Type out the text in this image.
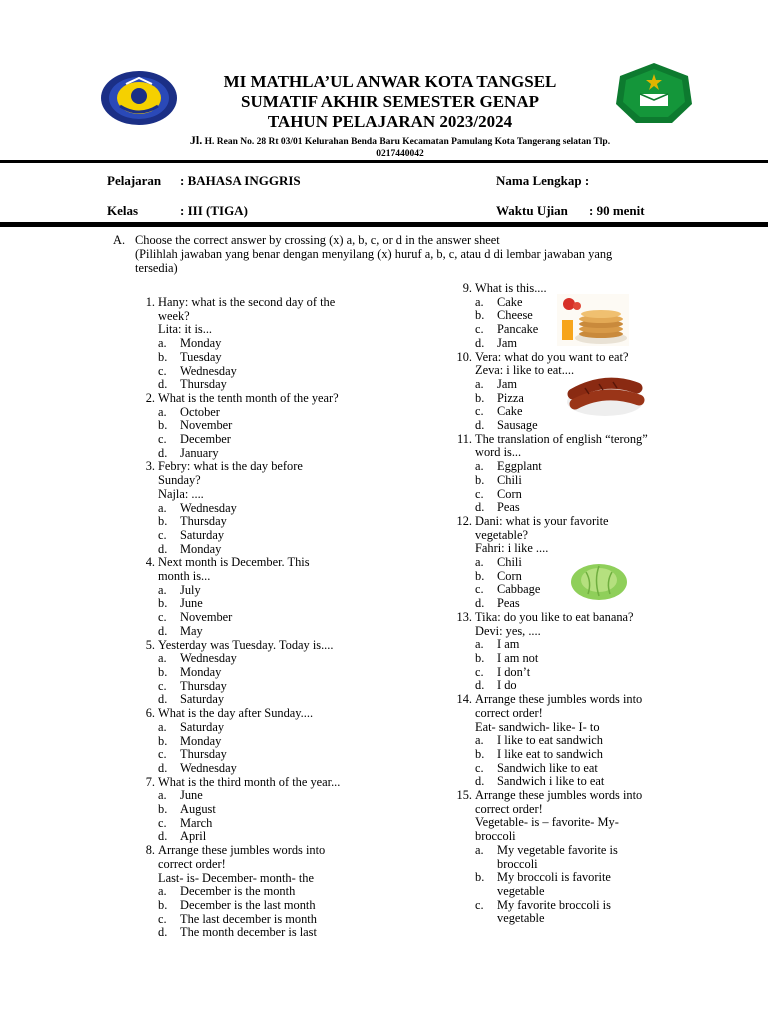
MI MATHLA’UL ANWAR KOTA TANGSEL
SUMATIF AKHIR SEMESTER GENAP
TAHUN PELAJARAN 2023/2024
Jl. H. Rean No. 28 Rt 03/01 Kelurahan Benda Baru Kecamatan Pamulang Kota Tangerang selatan Tlp.
0217440042
Pelajaran : BAHASA INGGRIS	Nama Lengkap :
Kelas	: III (TIGA)	Waktu Ujian : 90 menit
A. Choose the correct answer by crossing (x) a, b, c, or d in the answer sheet
(Pilihlah jawaban yang benar dengan menyilang (x) huruf a, b, c, atau d di lembar jawaban yang
tersedia)
1. Hany: what is the second day of the
week?
Lita: it is...
a. Monday
b. Tuesday
c. Wednesday
d. Thursday
2. What is the tenth month of the year?
a. October
b. November
c. December
d. January
3. Febry: what is the day before
Sunday?
Najla: ....
a. Wednesday
b. Thursday
c. Saturday
d. Monday
4. Next month is December. This
month is...
a. July
b. June
c. November
d. May
5. Yesterday was Tuesday. Today is....
a. Wednesday
b. Monday
c. Thursday
d. Saturday
6. What is the day after Sunday....
a. Saturday
b. Monday
c. Thursday
d. Wednesday
7. What is the third month of the year...
a. June
b. August
c. March
d. April
8. Arrange these jumbles words into
correct order!
Last- is- December- month- the
a. December is the month
b. December is the last month
c. The last december is month
d. The month december is last
9. What is this....
a. Cake
b. Cheese
c. Pancake
d. Jam
10. Vera: what do you want to eat?
Zeva: i like to eat....
a. Jam
b. Pizza
c. Cake
d. Sausage
11. The translation of english “terong”
word is...
a. Eggplant
b. Chili
c. Corn
d. Peas
12. Dani: what is your favorite
vegetable?
Fahri: i like ....
a. Chili
b. Corn
c. Cabbage
d. Peas
13. Tika: do you like to eat banana?
Devi: yes, ....
a. I am
b. I am not
c. I don’t
d. I do
14. Arrange these jumbles words into
correct order!
Eat- sandwich- like- I- to
a. I like to eat sandwich
b. I like eat to sandwich
c. Sandwich like to eat
d. Sandwich i like to eat
15. Arrange these jumbles words into
correct order!
Vegetable- is – favorite- My-
broccoli
a. My vegetable favorite is
broccoli
b. My broccoli is favorite
vegetable
c. My favorite broccoli is
vegetable
